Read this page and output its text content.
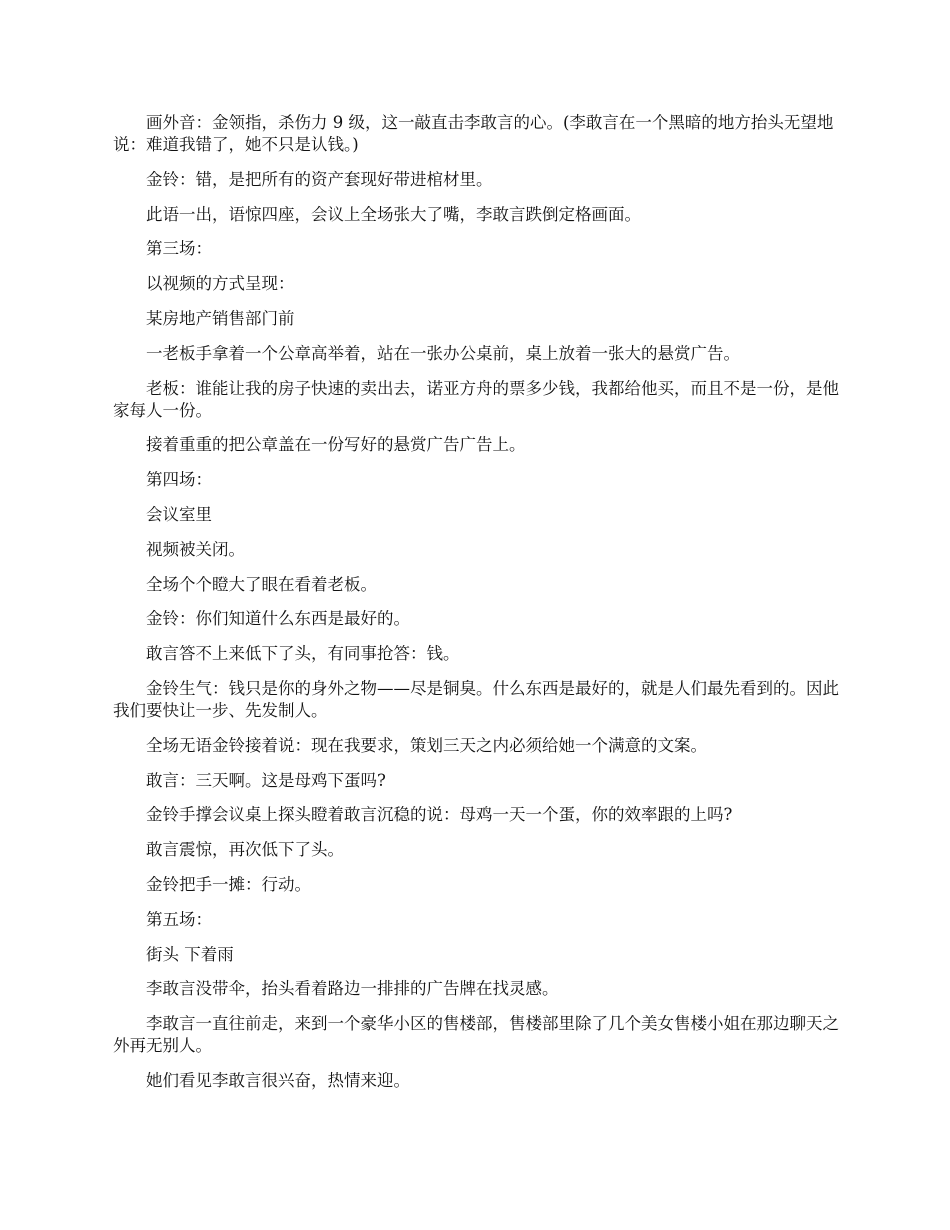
画外音：金领指，杀伤力 9 级，这一敲直击李敢言的心。(李敢言在一个黑暗的地方抬头无望地说：难道我错了，她不只是认钱。)

金铃：错，是把所有的资产套现好带进棺材里。

此语一出，语惊四座，会议上全场张大了嘴，李敢言跌倒定格画面。

第三场：

以视频的方式呈现：

某房地产销售部门前

一老板手拿着一个公章高举着，站在一张办公桌前，桌上放着一张大的悬赏广告。

老板：谁能让我的房子快速的卖出去，诺亚方舟的票多少钱，我都给他买，而且不是一份，是他家每人一份。

接着重重的把公章盖在一份写好的悬赏广告广告上。

第四场：

会议室里

视频被关闭。

全场个个瞪大了眼在看着老板。

金铃：你们知道什么东西是最好的。

敢言答不上来低下了头，有同事抢答：钱。

金铃生气：钱只是你的身外之物——尽是铜臭。什么东西是最好的，就是人们最先看到的。因此我们要快让一步、先发制人。

全场无语金铃接着说：现在我要求，策划三天之内必须给她一个满意的文案。

敢言：三天啊。这是母鸡下蛋吗?

金铃手撑会议桌上探头瞪着敢言沉稳的说：母鸡一天一个蛋，你的效率跟的上吗?

敢言震惊，再次低下了头。

金铃把手一摊：行动。

第五场：

街头 下着雨

李敢言没带伞，抬头看着路边一排排的广告牌在找灵感。

李敢言一直往前走，来到一个豪华小区的售楼部，售楼部里除了几个美女售楼小姐在那边聊天之外再无别人。

她们看见李敢言很兴奋，热情来迎。
